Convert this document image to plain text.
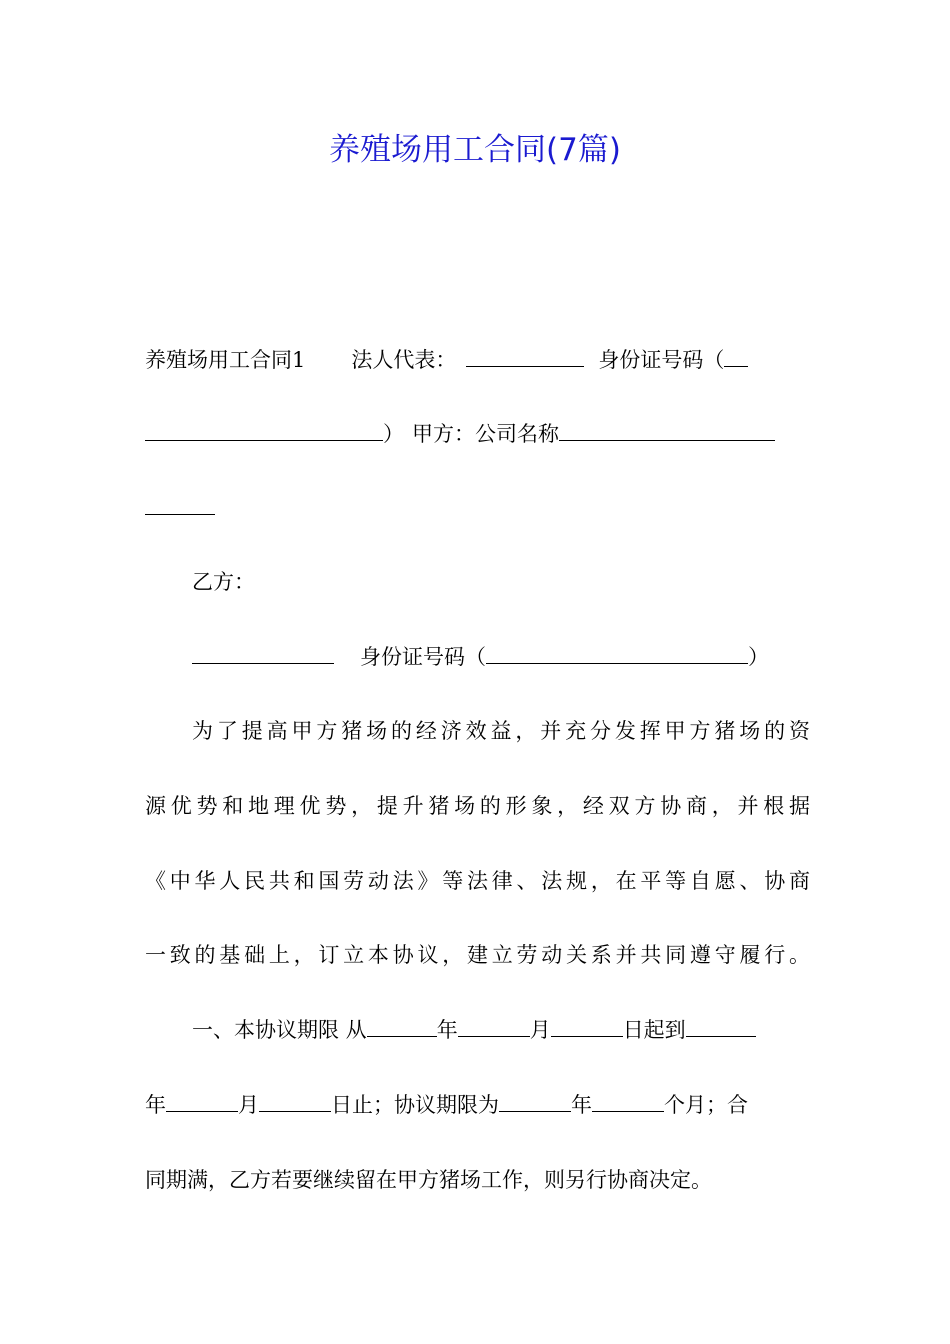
养殖场用工合同(7篇)
养殖场用工合同1 法人代表：	身份证号码（
） 甲方：公司名称
乙方：
身份证号码（	）
为了提高甲方猪场的经济效益，并充分发挥甲方猪场的资
源优势和地理优势，提升猪场的形象，经双方协商，并根据
《中华人民共和国劳动法》等法律、法规，在平等自愿、协商
一致的基础上，订立本协议，建立劳动关系并共同遵守履行。
一、本协议期限 从	年	月	日起到
年	月	日止；协议期限为	年	个月；合
同期满，乙方若要继续留在甲方猪场工作，则另行协商决定。
